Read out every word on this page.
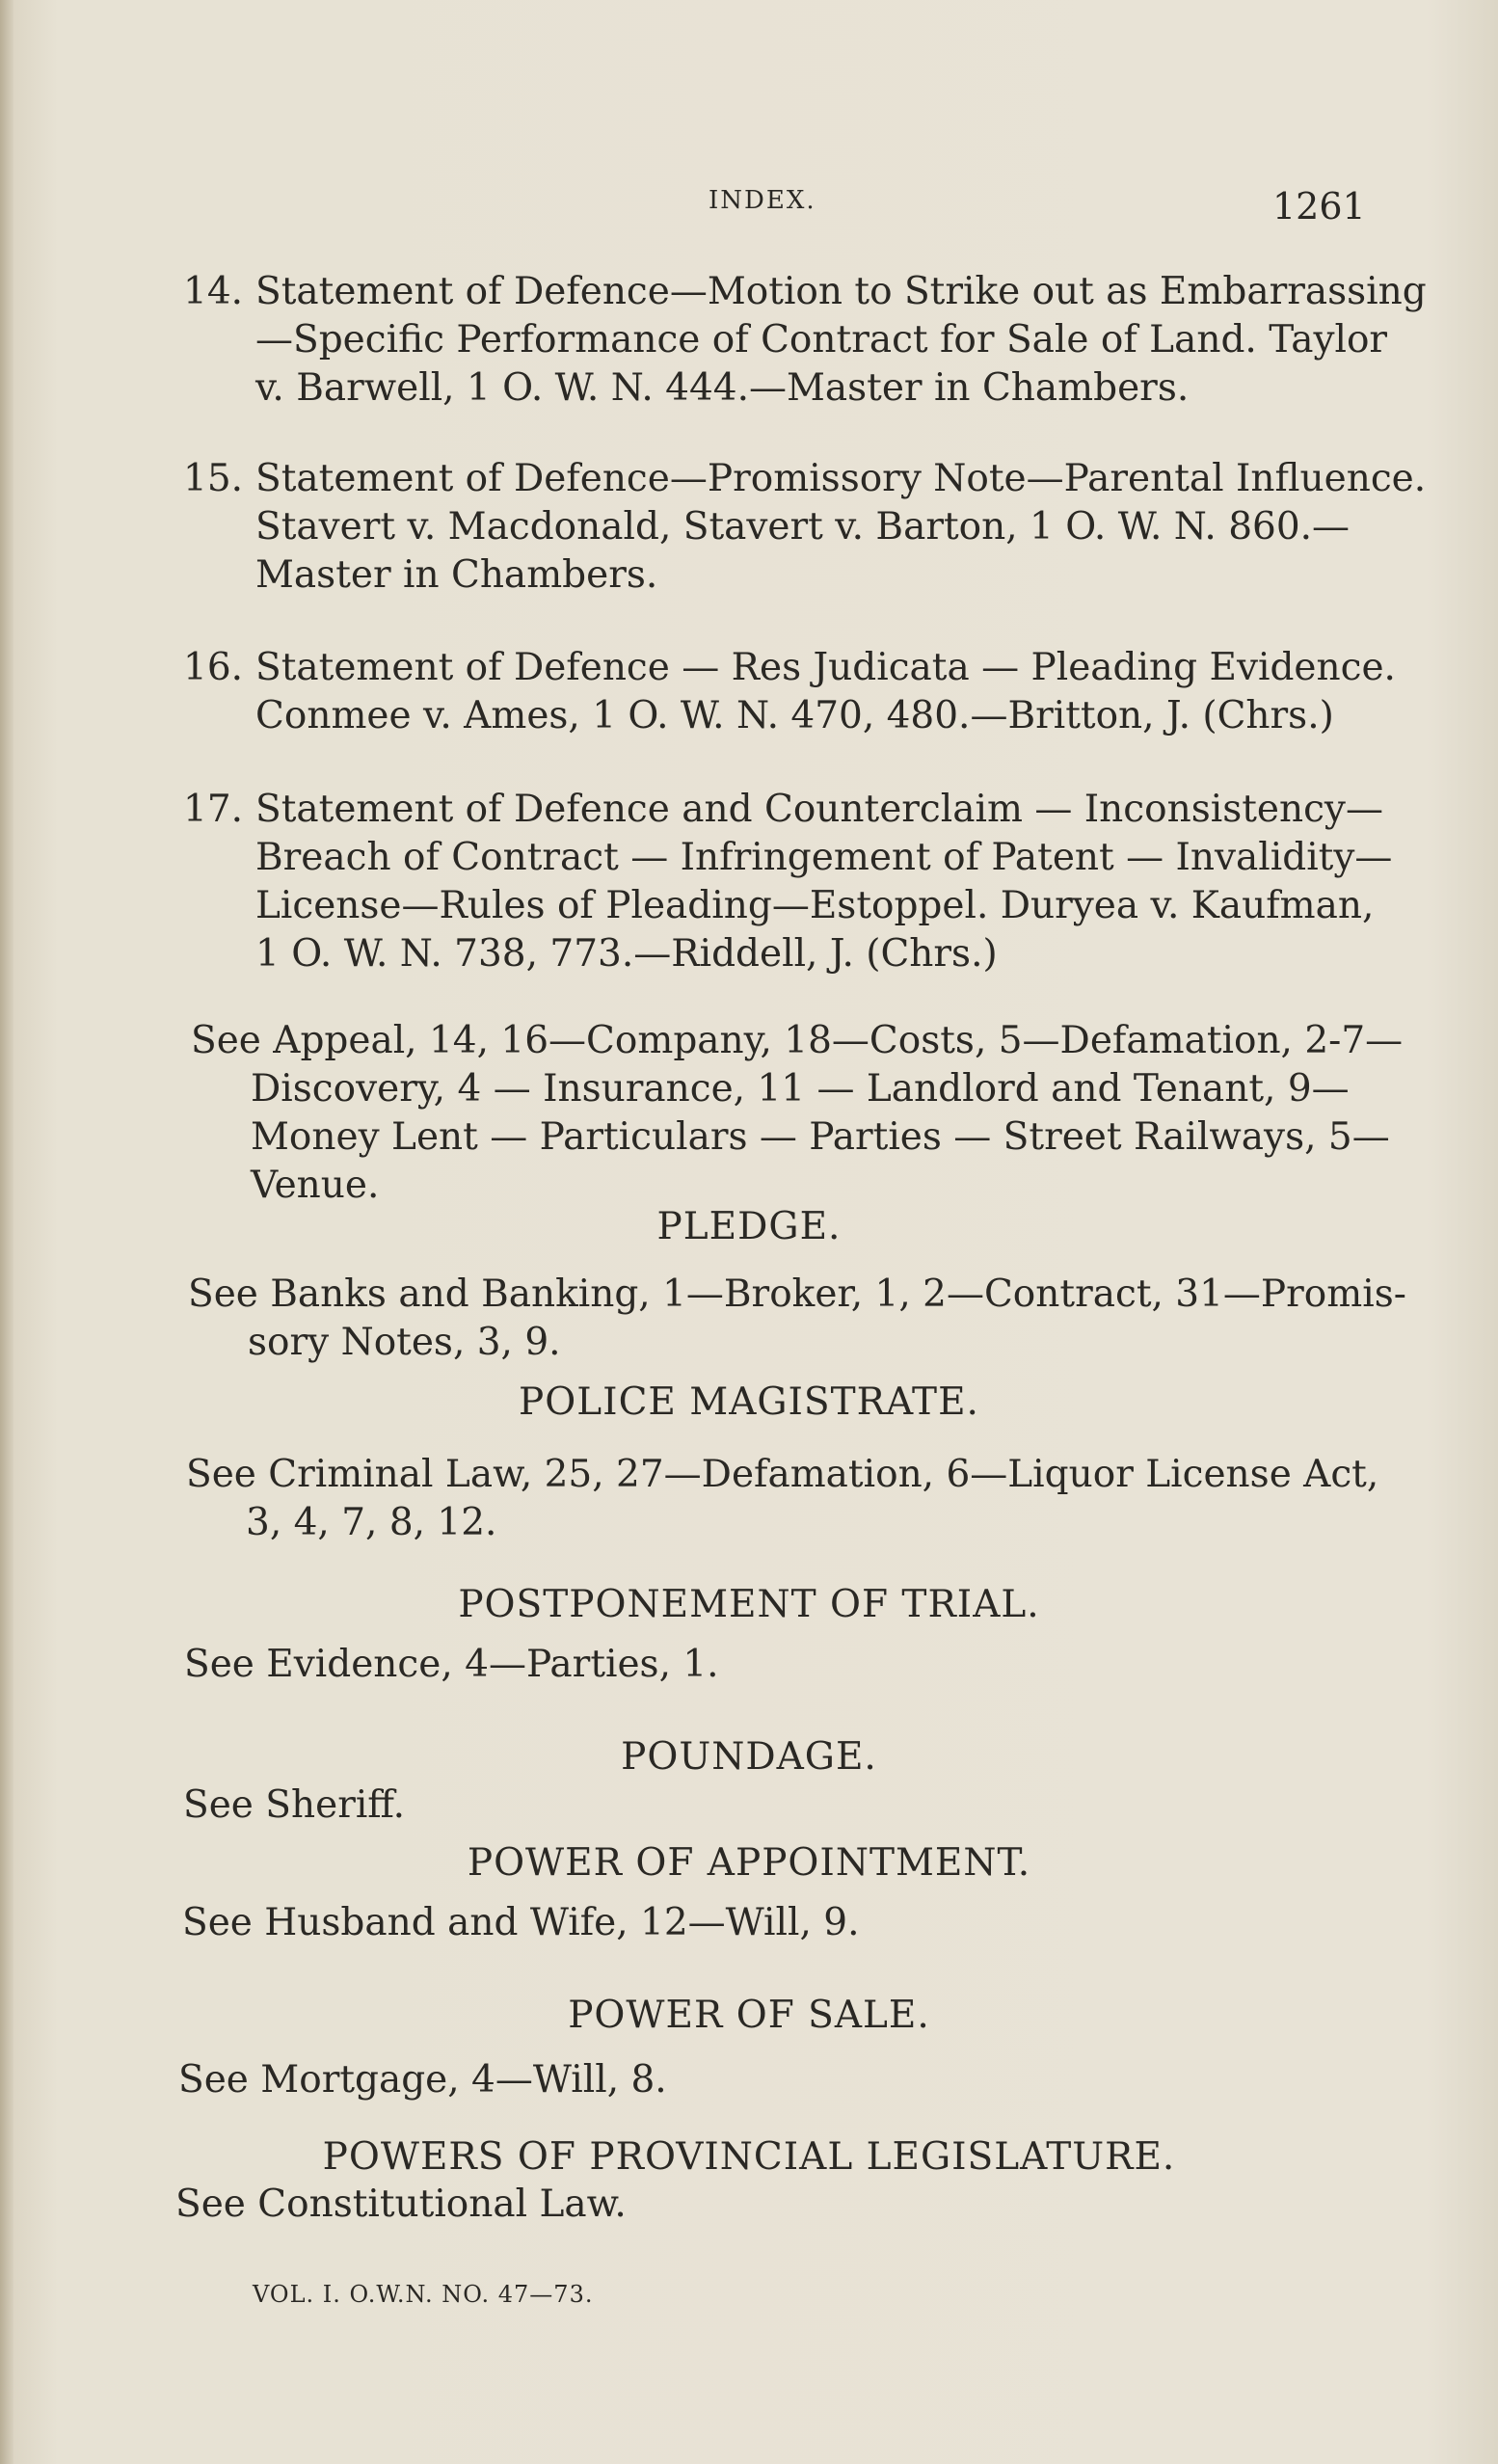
INDEX.	1261
14. Statement of Defence—Motion to Strike out as Embarrassing
—Specific Performance of Contract for Sale of Land. Taylor
v. Barwell, 1 O. W. N. 444.—Master in Chambers.
15. Statement of Defence—Promissory Note—Parental Influence.
Stavert v. Macdonald, Stavert v. Barton, 1 O. W. N. 860.—
Master in Chambers.
16. Statement of Defence — Res Judicata — Pleading Evidence.
Conmee v. Ames, 1 O. W. N. 470, 480.—Britton, J. (Chrs.)
17. Statement of Defence and Counterclaim — Inconsistency—
Breach of Contract — Infringement of Patent — Invalidity—
License—Rules of Pleading—Estoppel. Duryea v. Kaufman,
1 O. W. N. 738, 773.—Riddell, J. (Chrs.)
See Appeal, 14, 16—Company, 18—Costs, 5—Defamation, 2-7—
Discovery, 4 — Insurance, 11 — Landlord and Tenant, 9—
Money Lent — Particulars — Parties — Street Railways, 5—
Venue.
PLEDGE.
See Banks and Banking, 1—Broker, 1, 2—Contract, 31—Promis-
sory Notes, 3, 9.
POLICE MAGISTRATE.
See Criminal Law, 25, 27—Defamation, 6—Liquor License Act,
3, 4, 7, 8, 12.
POSTPONEMENT OF TRIAL.
See Evidence, 4—Parties, 1.
POUNDAGE.
See Sheriff.
POWER OF APPOINTMENT.
See Husband and Wife, 12—Will, 9.
POWER OF SALE.
See Mortgage, 4—Will, 8.
POWERS OF PROVINCIAL LEGISLATURE.
See Constitutional Law.
VOL. I. O.W.N. NO. 47—73.
